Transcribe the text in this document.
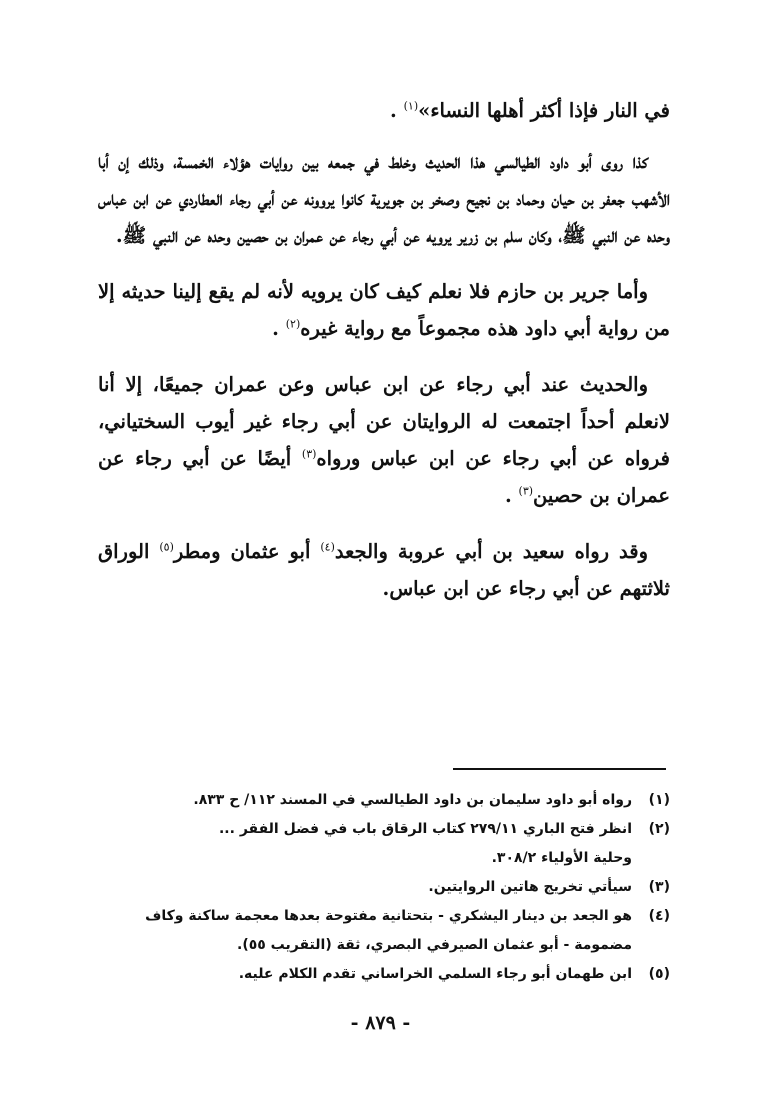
في النار فإذا أكثر أهلها النساء»$^{(١)}$ .

كذا روى أبو داود الطيالسي هذا الحديث وخلط في جمعه بين روايات هؤلاء الخمسة، وذلك إن أبا الأشهب جعفر بن حيان وحماد بن نجيح وصخر بن جويرية كانوا يروونه عن أبي رجاء العطاردي عن ابن عباس وحده عن النبي ﷺ، وكان سلم بن زرير يرويه عن أبي رجاء عن عمران بن حصين وحده عن النبي ﷺ.

وأما جرير بن حازم فلا نعلم كيف كان يرويه لأنه لم يقع إلينا حديثه إلا من رواية أبي داود هذه مجموعاً مع رواية غيره$^{(٢)}$ .

والحديث عند أبي رجاء عن ابن عباس وعن عمران جميعًا، إلا أنا لانعلم أحداً اجتمعت له الروايتان عن أبي رجاء غير أيوب السختياني، فرواه عن أبي رجاء عن ابن عباس ورواه$^{(٣)}$ أيضًا عن أبي رجاء عن عمران بن حصين$^{(٣)}$ .

وقد رواه سعيد بن أبي عروبة والجعد$^{(٤)}$ أبو عثمان ومطر$^{(٥)}$ الوراق ثلاثتهم عن أبي رجاء عن ابن عباس.

(١)
رواه أبو داود سليمان بن داود الطيالسي في المسند ١١٢/ ح ٨٣٣.
(٢)
انظر فتح الباري ٢٧٩/١١ كتاب الرقاق باب في فضل الفقر ...
وحلية الأولياء ٣٠٨/٢.
(٣)
سيأتي تخريج هاتين الروايتين.
(٤)
هو الجعد بن دينار اليشكري - بتحتانية مفتوحة بعدها معجمة ساكنة وكاف مضمومة - أبو عثمان الصيرفي البصري، ثقة (التقريب ٥٥).
(٥)
ابن طهمان أبو رجاء السلمي الخراساني تقدم الكلام عليه.
- ٨٧٩ -
